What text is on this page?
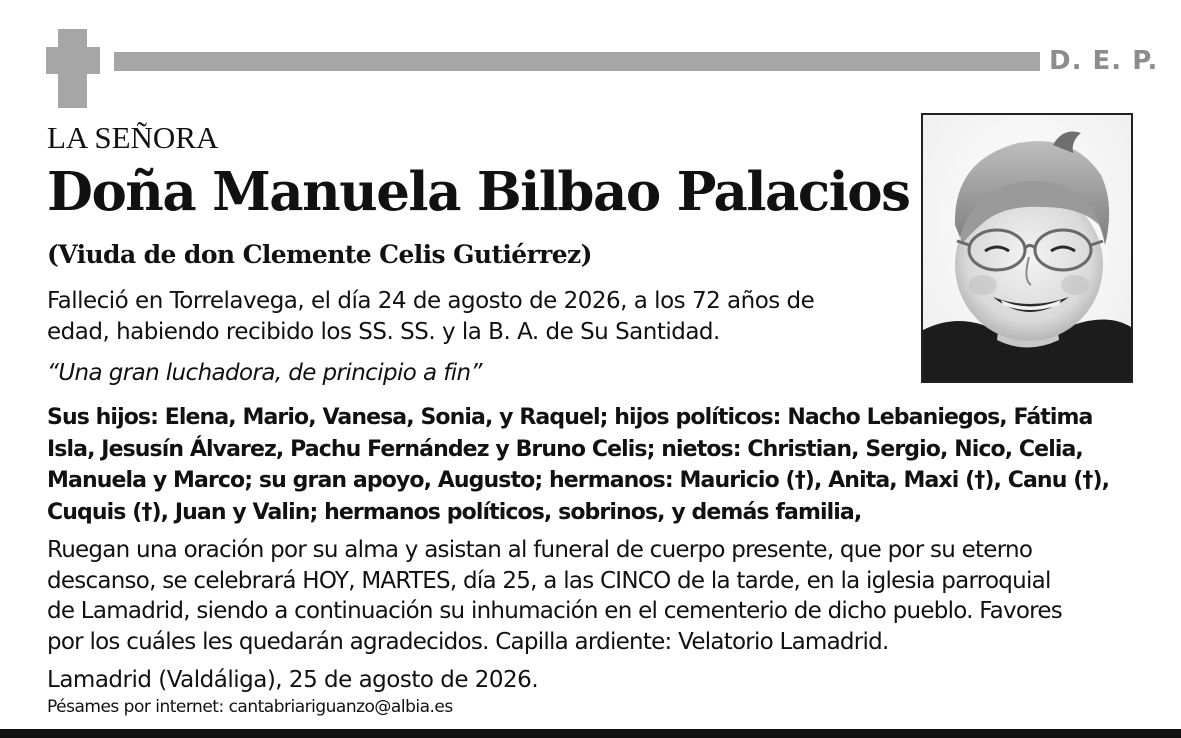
D. E. P.
LA SEÑORA
Doña Manuela Bilbao Palacios
(Viuda de don Clemente Celis Gutiérrez)
Falleció en Torrelavega, el día 24 de agosto de 2026, a los 72 años de
edad, habiendo recibido los SS. SS. y la B. A. de Su Santidad.
“Una gran luchadora, de principio a fin”
Sus hijos: Elena, Mario, Vanesa, Sonia, y Raquel; hijos políticos: Nacho Lebaniegos, Fátima
Isla, Jesusín Álvarez, Pachu Fernández y Bruno Celis; nietos: Christian, Sergio, Nico, Celia,
Manuela y Marco; su gran apoyo, Augusto; hermanos: Mauricio (†), Anita, Maxi (†), Canu (†),
Cuquis (†), Juan y Valin; hermanos políticos, sobrinos, y demás familia,
Ruegan una oración por su alma y asistan al funeral de cuerpo presente, que por su eterno
descanso, se celebrará HOY, MARTES, día 25, a las CINCO de la tarde, en la iglesia parroquial
de Lamadrid, siendo a continuación su inhumación en el cementerio de dicho pueblo. Favores
por los cuáles les quedarán agradecidos. Capilla ardiente: Velatorio Lamadrid.
Lamadrid (Valdáliga), 25 de agosto de 2026.
Pésames por internet: cantabriariguanzo@albia.es
